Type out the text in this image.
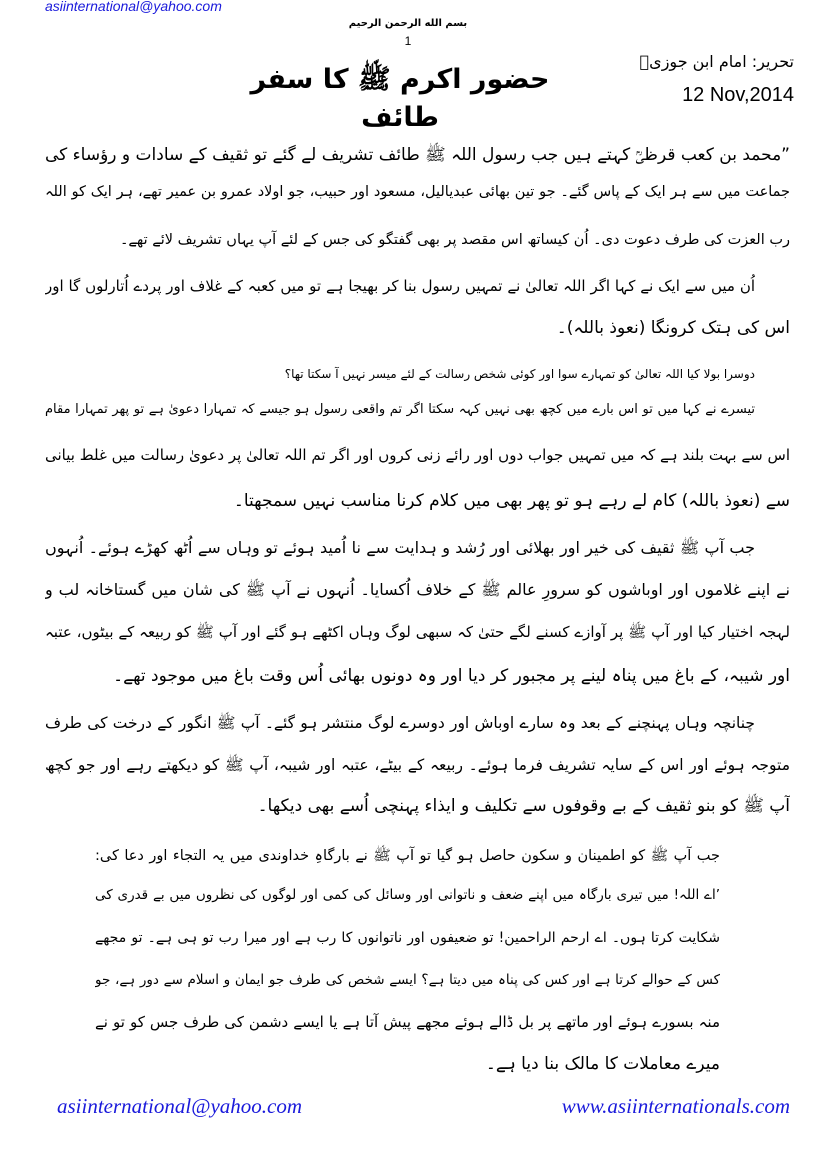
asiinternational@yahoo.com
بسم الله الرحمن الرحيم
1
حضور اکرم ﷺ کا سفر طائف
تحریر: امام ابن جوزیؒ
12 Nov,2014
”محمد بن کعب قرظیؒ کہتے ہیں جب رسول اللہ ﷺ طائف تشریف لے گئے تو ثقیف کے سادات و رؤساء کی
جماعت میں سے ہر ایک کے پاس گئے۔ جو تین بھائی عبدیالیل، مسعود اور حبیب، جو اولاد عمرو بن عمیر تھے، ہر ایک کو اللہ
رب العزت کی طرف دعوت دی۔ اُن کیساتھ اس مقصد پر بھی گفتگو کی جس کے لئے آپ یہاں تشریف لائے تھے۔
اُن میں سے ایک نے کہا اگر اللہ تعالیٰ نے تمہیں رسول بنا کر بھیجا ہے تو میں کعبہ کے غلاف اور پردے اُتارلوں گا اور
اس کی ہتک کرونگا (نعوذ باللہ)۔
دوسرا بولا کیا اللہ تعالیٰ کو تمہارے سوا اور کوئی شخص رسالت کے لئے میسر نہیں آ سکتا تھا؟
تیسرے نے کہا میں تو اس بارے میں کچھ بھی نہیں کہہ سکتا اگر تم واقعی رسول ہو جیسے کہ تمہارا دعویٰ ہے تو پھر تمہارا مقام
اس سے بہت بلند ہے کہ میں تمہیں جواب دوں اور رائے زنی کروں اور اگر تم اللہ تعالیٰ پر دعویٰ رسالت میں غلط بیانی
سے (نعوذ باللہ) کام لے رہے ہو تو پھر بھی میں کلام کرنا مناسب نہیں سمجھتا۔
جب آپ ﷺ ثقیف کی خیر اور بھلائی اور رُشد و ہدایت سے نا اُمید ہوئے تو وہاں سے اُٹھ کھڑے ہوئے۔ اُنہوں
نے اپنے غلاموں اور اوباشوں کو سرورِ عالم ﷺ کے خلاف اُکسایا۔ اُنہوں نے آپ ﷺ کی شان میں گستاخانہ لب و
لہجہ اختیار کیا اور آپ ﷺ پر آوازے کسنے لگے حتیٰ کہ سبھی لوگ وہاں اکٹھے ہو گئے اور آپ ﷺ کو ربیعہ کے بیٹوں، عتبہ
اور شیبہ، کے باغ میں پناہ لینے پر مجبور کر دیا اور وہ دونوں بھائی اُس وقت باغ میں موجود تھے۔
چنانچہ وہاں پہنچنے کے بعد وہ سارے اوباش اور دوسرے لوگ منتشر ہو گئے۔ آپ ﷺ انگور کے درخت کی طرف
متوجہ ہوئے اور اس کے سایہ تشریف فرما ہوئے۔ ربیعہ کے بیٹے، عتبہ اور شیبہ، آپ ﷺ کو دیکھتے رہے اور جو کچھ
آپ ﷺ کو بنو ثقیف کے بے وقوفوں سے تکلیف و ایذاء پہنچی اُسے بھی دیکھا۔
جب آپ ﷺ کو اطمینان و سکون حاصل ہو گیا تو آپ ﷺ نے بارگاہِ خداوندی میں یہ التجاء اور دعا کی:
’اے اللہ! میں تیری بارگاہ میں اپنے ضعف و ناتوانی اور وسائل کی کمی اور لوگوں کی نظروں میں بے قدری کی
شکایت کرتا ہوں۔ اے ارحم الراحمین! تو ضعیفوں اور ناتوانوں کا رب ہے اور میرا رب تو ہی ہے۔ تو مجھے
کس کے حوالے کرتا ہے اور کس کی پناہ میں دیتا ہے؟ ایسے شخص کی طرف جو ایمان و اسلام سے دور ہے، جو
منہ بسورے ہوئے اور ماتھے پر بل ڈالے ہوئے مجھے پیش آتا ہے یا ایسے دشمن کی طرف جس کو تو نے
میرے معاملات کا مالک بنا دیا ہے۔
asiinternational@yahoo.com	www.asiinternationals.com
